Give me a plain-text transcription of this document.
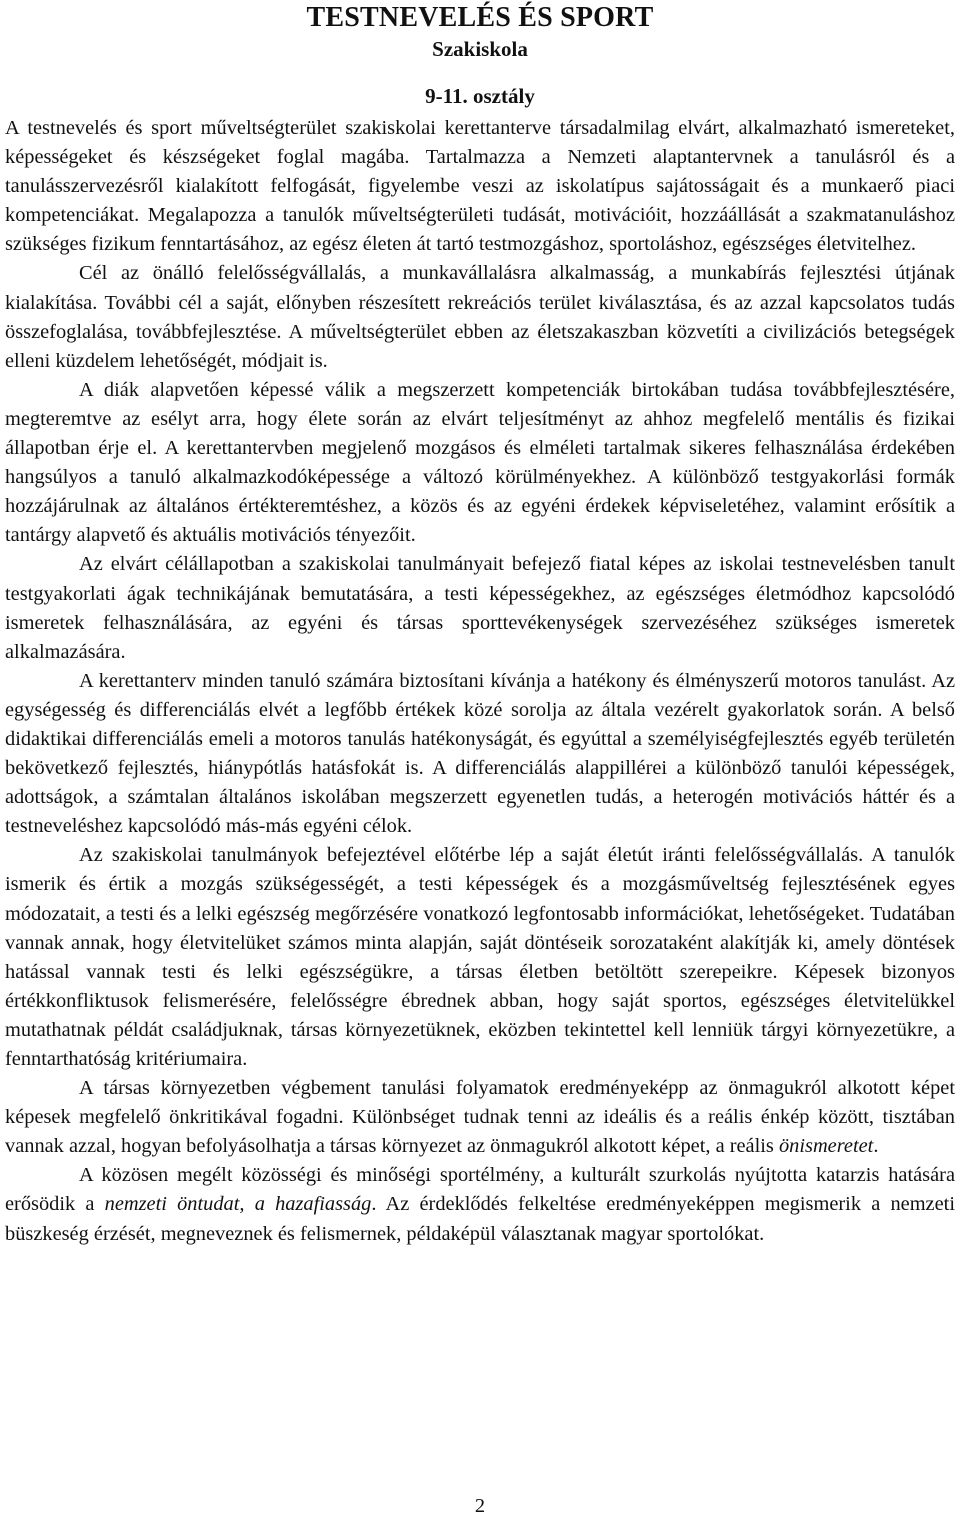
TESTNEVELÉS ÉS SPORT
Szakiskola
9-11. osztály

A testnevelés és sport műveltségterület szakiskolai kerettanterve társadalmilag elvárt, alkalmazható ismereteket, képességeket és készségeket foglal magába. Tartalmazza a Nemzeti alaptantervnek a tanulásról és a tanulásszervezésről kialakított felfogását, figyelembe veszi az iskolatípus sajátosságait és a munkaerő piaci kompetenciákat. Megalapozza a tanulók műveltségterületi tudását, motivációit, hozzáállását a szakmatanuláshoz szükséges fizikum fenntartásához, az egész életen át tartó testmozgáshoz, sportoláshoz, egészséges életvitelhez.

Cél az önálló felelősségvállalás, a munkavállalásra alkalmasság, a munkabírás fejlesztési útjának kialakítása. További cél a saját, előnyben részesített rekreációs terület kiválasztása, és az azzal kapcsolatos tudás összefoglalása, továbbfejlesztése. A műveltségterület ebben az életszakaszban közvetíti a civilizációs betegségek elleni küzdelem lehetőségét, módjait is.

A diák alapvetően képessé válik a megszerzett kompetenciák birtokában tudása továbbfejlesztésére, megteremtve az esélyt arra, hogy élete során az elvárt teljesítményt az ahhoz megfelelő mentális és fizikai állapotban érje el. A kerettantervben megjelenő mozgásos és elméleti tartalmak sikeres felhasználása érdekében hangsúlyos a tanuló alkalmazkodóképessége a változó körülményekhez. A különböző testgyakorlási formák hozzájárulnak az általános értékteremtéshez, a közös és az egyéni érdekek képviseletéhez, valamint erősítik a tantárgy alapvető és aktuális motivációs tényezőit.

Az elvárt célállapotban a szakiskolai tanulmányait befejező fiatal képes az iskolai testnevelésben tanult testgyakorlati ágak technikájának bemutatására, a testi képességekhez, az egészséges életmódhoz kapcsolódó ismeretek felhasználására, az egyéni és társas sporttevékenységek szervezéséhez szükséges ismeretek alkalmazására.

A kerettanterv minden tanuló számára biztosítani kívánja a hatékony és élményszerű motoros tanulást. Az egységesség és differenciálás elvét a legfőbb értékek közé sorolja az általa vezérelt gyakorlatok során. A belső didaktikai differenciálás emeli a motoros tanulás hatékonyságát, és egyúttal a személyiségfejlesztés egyéb területén bekövetkező fejlesztés, hiánypótlás hatásfokát is. A differenciálás alappillérei a különböző tanulói képességek, adottságok, a számtalan általános iskolában megszerzett egyenetlen tudás, a heterogén motivációs háttér és a testneveléshez kapcsolódó más-más egyéni célok.

Az szakiskolai tanulmányok befejeztével előtérbe lép a saját életút iránti felelősségvállalás. A tanulók ismerik és értik a mozgás szükségességét, a testi képességek és a mozgásműveltség fejlesztésének egyes módozatait, a testi és a lelki egészség megőrzésére vonatkozó legfontosabb információkat, lehetőségeket. Tudatában vannak annak, hogy életvitelüket számos minta alapján, saját döntéseik sorozataként alakítják ki, amely döntések hatással vannak testi és lelki egészségükre, a társas életben betöltött szerepeikre. Képesek bizonyos értékkonfliktusok felismerésére, felelősségre ébrednek abban, hogy saját sportos, egészséges életvitelükkel mutathatnak példát családjuknak, társas környezetüknek, eközben tekintettel kell lenniük tárgyi környezetükre, a fenntarthatóság kritériumaira.

A társas környezetben végbement tanulási folyamatok eredményeképp az önmagukról alkotott képet képesek megfelelő önkritikával fogadni. Különbséget tudnak tenni az ideális és a reális énkép között, tisztában vannak azzal, hogyan befolyásolhatja a társas környezet az önmagukról alkotott képet, a reális önismeretet.

A közösen megélt közösségi és minőségi sportélmény, a kulturált szurkolás nyújtotta katarzis hatására erősödik a nemzeti öntudat, a hazafiasság. Az érdeklődés felkeltése eredményeképpen megismerik a nemzeti büszkeség érzését, megneveznek és felismernek, példaképül választanak magyar sportolókat.

2
